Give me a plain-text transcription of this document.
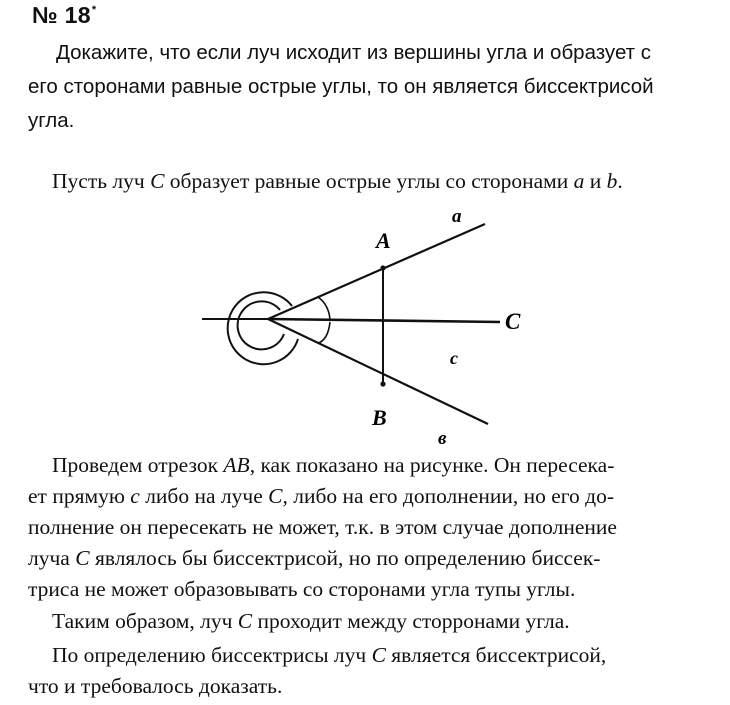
№ 18*
Докажите, что если луч исходит из вершины угла и образует с
его сторонами равные острые углы, то он является биссектрисой
угла.

Пусть луч C образует равные острые углы со сторонами a и b.

A
B
C
a
в
c

Проведем отрезок AB, как показано на рисунке. Он пересека-
ет прямую c либо на луче C, либо на его дополнении, но его до-
полнение он пересекать не может, т.к. в этом случае дополнение
луча C являлось бы биссектрисой, но по определению биссек-
триса не может образовывать со сторонами угла тупы углы.

Таким образом, луч C проходит между сторронами угла.

По определению биссектрисы луч C является биссектрисой,
что и требовалось доказать.
